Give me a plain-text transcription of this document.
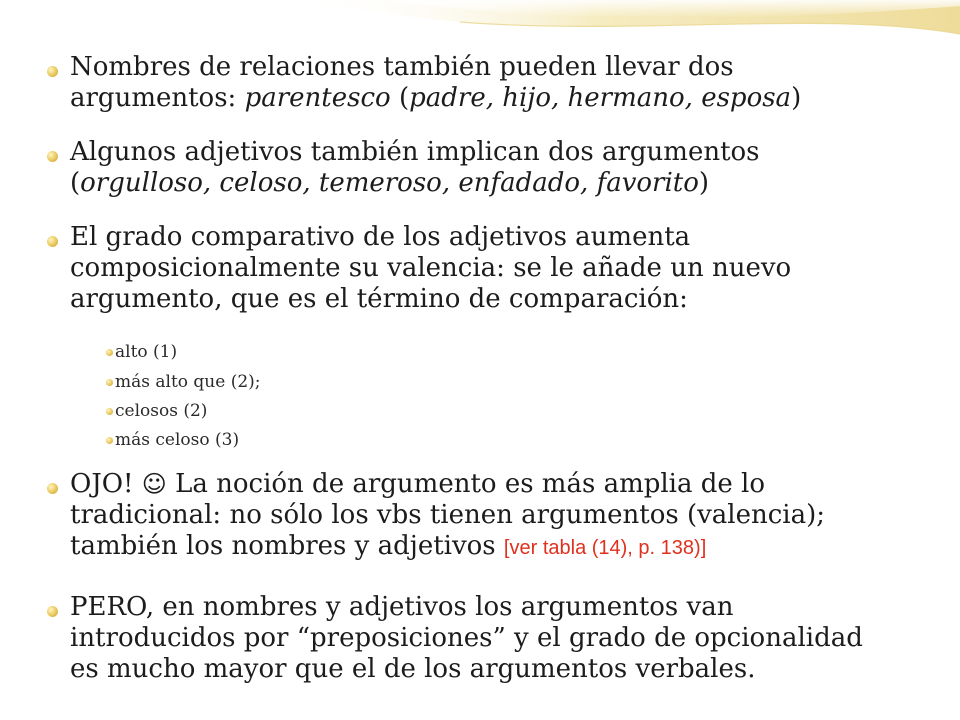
Nombres de relaciones también pueden llevar dos

argumentos: parentesco (padre, hijo, hermano, esposa)

Algunos adjetivos también implican dos argumentos

(orgulloso, celoso, temeroso, enfadado, favorito)

El grado comparativo de los adjetivos aumenta

composicionalmente su valencia: se le añade un nuevo

argumento, que es el término de comparación:

alto (1)

más alto que (2);

celosos (2)

más celoso (3)

OJO! ☺ La noción de argumento es más amplia de lo

tradicional: no sólo los vbs tienen argumentos (valencia);

también los nombres y adjetivos [ver tabla (14), p. 138)]

PERO, en nombres y adjetivos los argumentos van

introducidos por “preposiciones” y el grado de opcionalidad

es mucho mayor que el de los argumentos verbales.
